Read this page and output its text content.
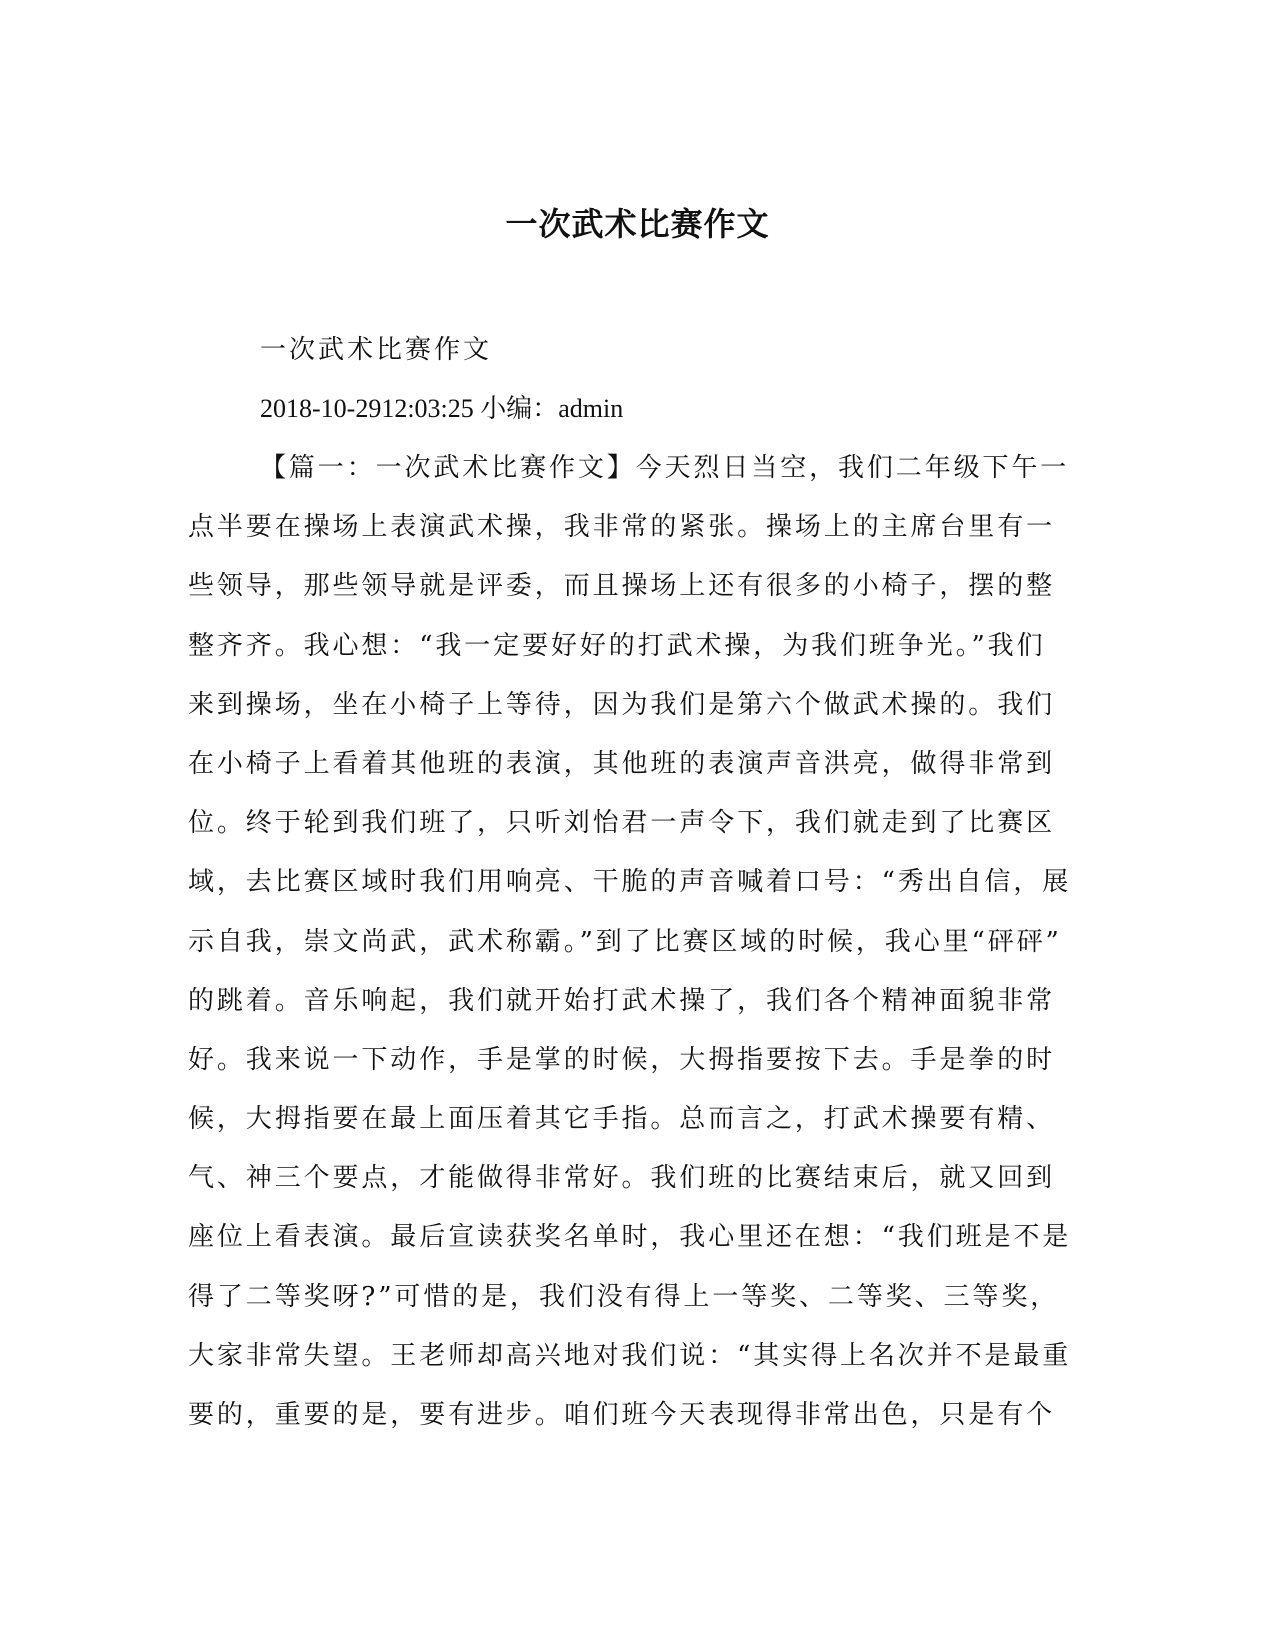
一次武术比赛作文
一次武术比赛作文
2018-10-2912:03:25 小编：admin
【篇一：一次武术比赛作文】今天烈日当空，我们二年级下午一
点半要在操场上表演武术操，我非常的紧张。操场上的主席台里有一
些领导，那些领导就是评委，而且操场上还有很多的小椅子，摆的整
整齐齐。我心想：“我一定要好好的打武术操，为我们班争光。”我们
来到操场，坐在小椅子上等待，因为我们是第六个做武术操的。我们
在小椅子上看着其他班的表演，其他班的表演声音洪亮，做得非常到
位。终于轮到我们班了，只听刘怡君一声令下，我们就走到了比赛区
域，去比赛区域时我们用响亮、干脆的声音喊着口号：“秀出自信，展
示自我，崇文尚武，武术称霸。”到了比赛区域的时候，我心里“砰砰”
的跳着。音乐响起，我们就开始打武术操了，我们各个精神面貌非常
好。我来说一下动作，手是掌的时候，大拇指要按下去。手是拳的时
候，大拇指要在最上面压着其它手指。总而言之，打武术操要有精、
气、神三个要点，才能做得非常好。我们班的比赛结束后，就又回到
座位上看表演。最后宣读获奖名单时，我心里还在想：“我们班是不是
得了二等奖呀?”可惜的是，我们没有得上一等奖、二等奖、三等奖，
大家非常失望。王老师却高兴地对我们说：“其实得上名次并不是最重
要的，重要的是，要有进步。咱们班今天表现得非常出色，只是有个
